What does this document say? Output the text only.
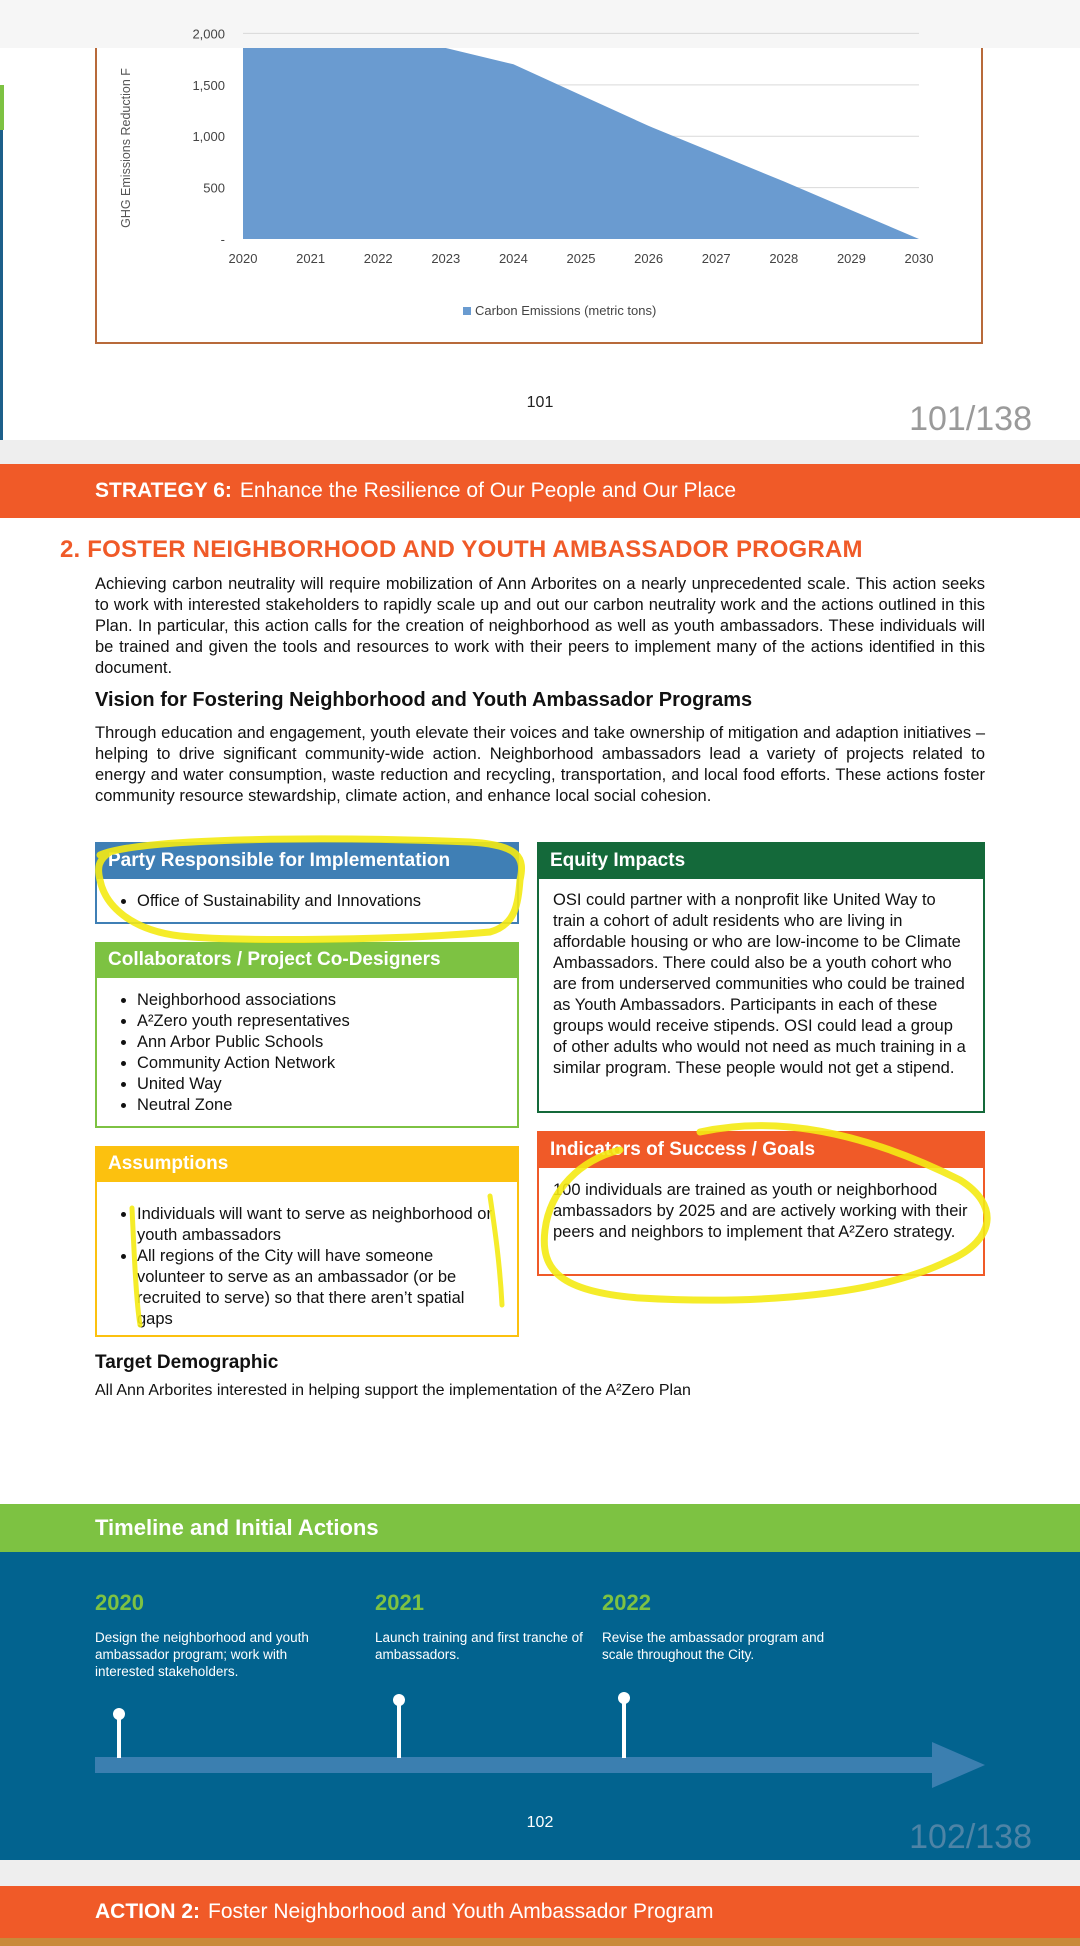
-
500
1,000
1,500
2,000
2020	2021	2022	2023	2024	2025	2026	2027	2028	2029	2030
GHG Emissions Reduction F
Carbon Emissions (metric tons)
101	101/138
STRATEGY 6: Enhance the Resilience of Our People and Our Place
2. FOSTER NEIGHBORHOOD AND YOUTH AMBASSADOR PROGRAM
Achieving carbon neutrality will require mobilization of Ann Arborites on a nearly unprecedented scale. This action seeks to work with interested stakeholders to rapidly scale up and out our carbon neutrality work and the actions outlined in this Plan. In particular, this action calls for the creation of neighborhood as well as youth ambassadors. These individuals will be trained and given the tools and resources to work with their peers to implement many of the actions identified in this document.
Vision for Fostering Neighborhood and Youth Ambassador Programs
Through education and engagement, youth elevate their voices and take ownership of mitigation and adaption initiatives – helping to drive significant community-wide action. Neighborhood ambassadors lead a variety of projects related to energy and water consumption, waste reduction and recycling, transportation, and local food efforts. These actions foster community resource stewardship, climate action, and enhance local social cohesion.
• Office of Sustainability and Innovations
Party Responsible for Implementation
• Neighborhood associations
• A²Zero youth representatives
• Ann Arbor Public Schools
• Community Action Network
• United Way
• Neutral Zone
Collaborators / Project Co-Designers
• Individuals will want to serve as neighborhood or youth ambassadors
• All regions of the City will have someone volunteer to serve as an ambassador (or be recruited to serve) so that there aren’t spatial gaps
Assumptions
OSI could partner with a nonprofit like United Way to train a cohort of adult residents who are living in affordable housing or who are low-income to be Climate Ambassadors. There could also be a youth cohort who are from underserved communities who could be trained as Youth Ambassadors. Participants in each of these groups would receive stipends. OSI could lead a group of other adults who would not need as much training in a similar program. These people would not get a stipend.
Equity Impacts
100 individuals are trained as youth or neighborhood ambassadors by 2025 and are actively working with their peers and neighbors to implement that A²Zero strategy.
Indicators of Success / Goals
Target Demographic
All Ann Arborites interested in helping support the implementation of the A²Zero Plan
Timeline and Initial Actions
2020
Design the neighborhood and youth ambassador program; work with interested stakeholders.
2021
Launch training and first tranche of ambassadors.
2022
Revise the ambassador program and scale throughout the City.
102	102/138
ACTION 2: Foster Neighborhood and Youth Ambassador Program
